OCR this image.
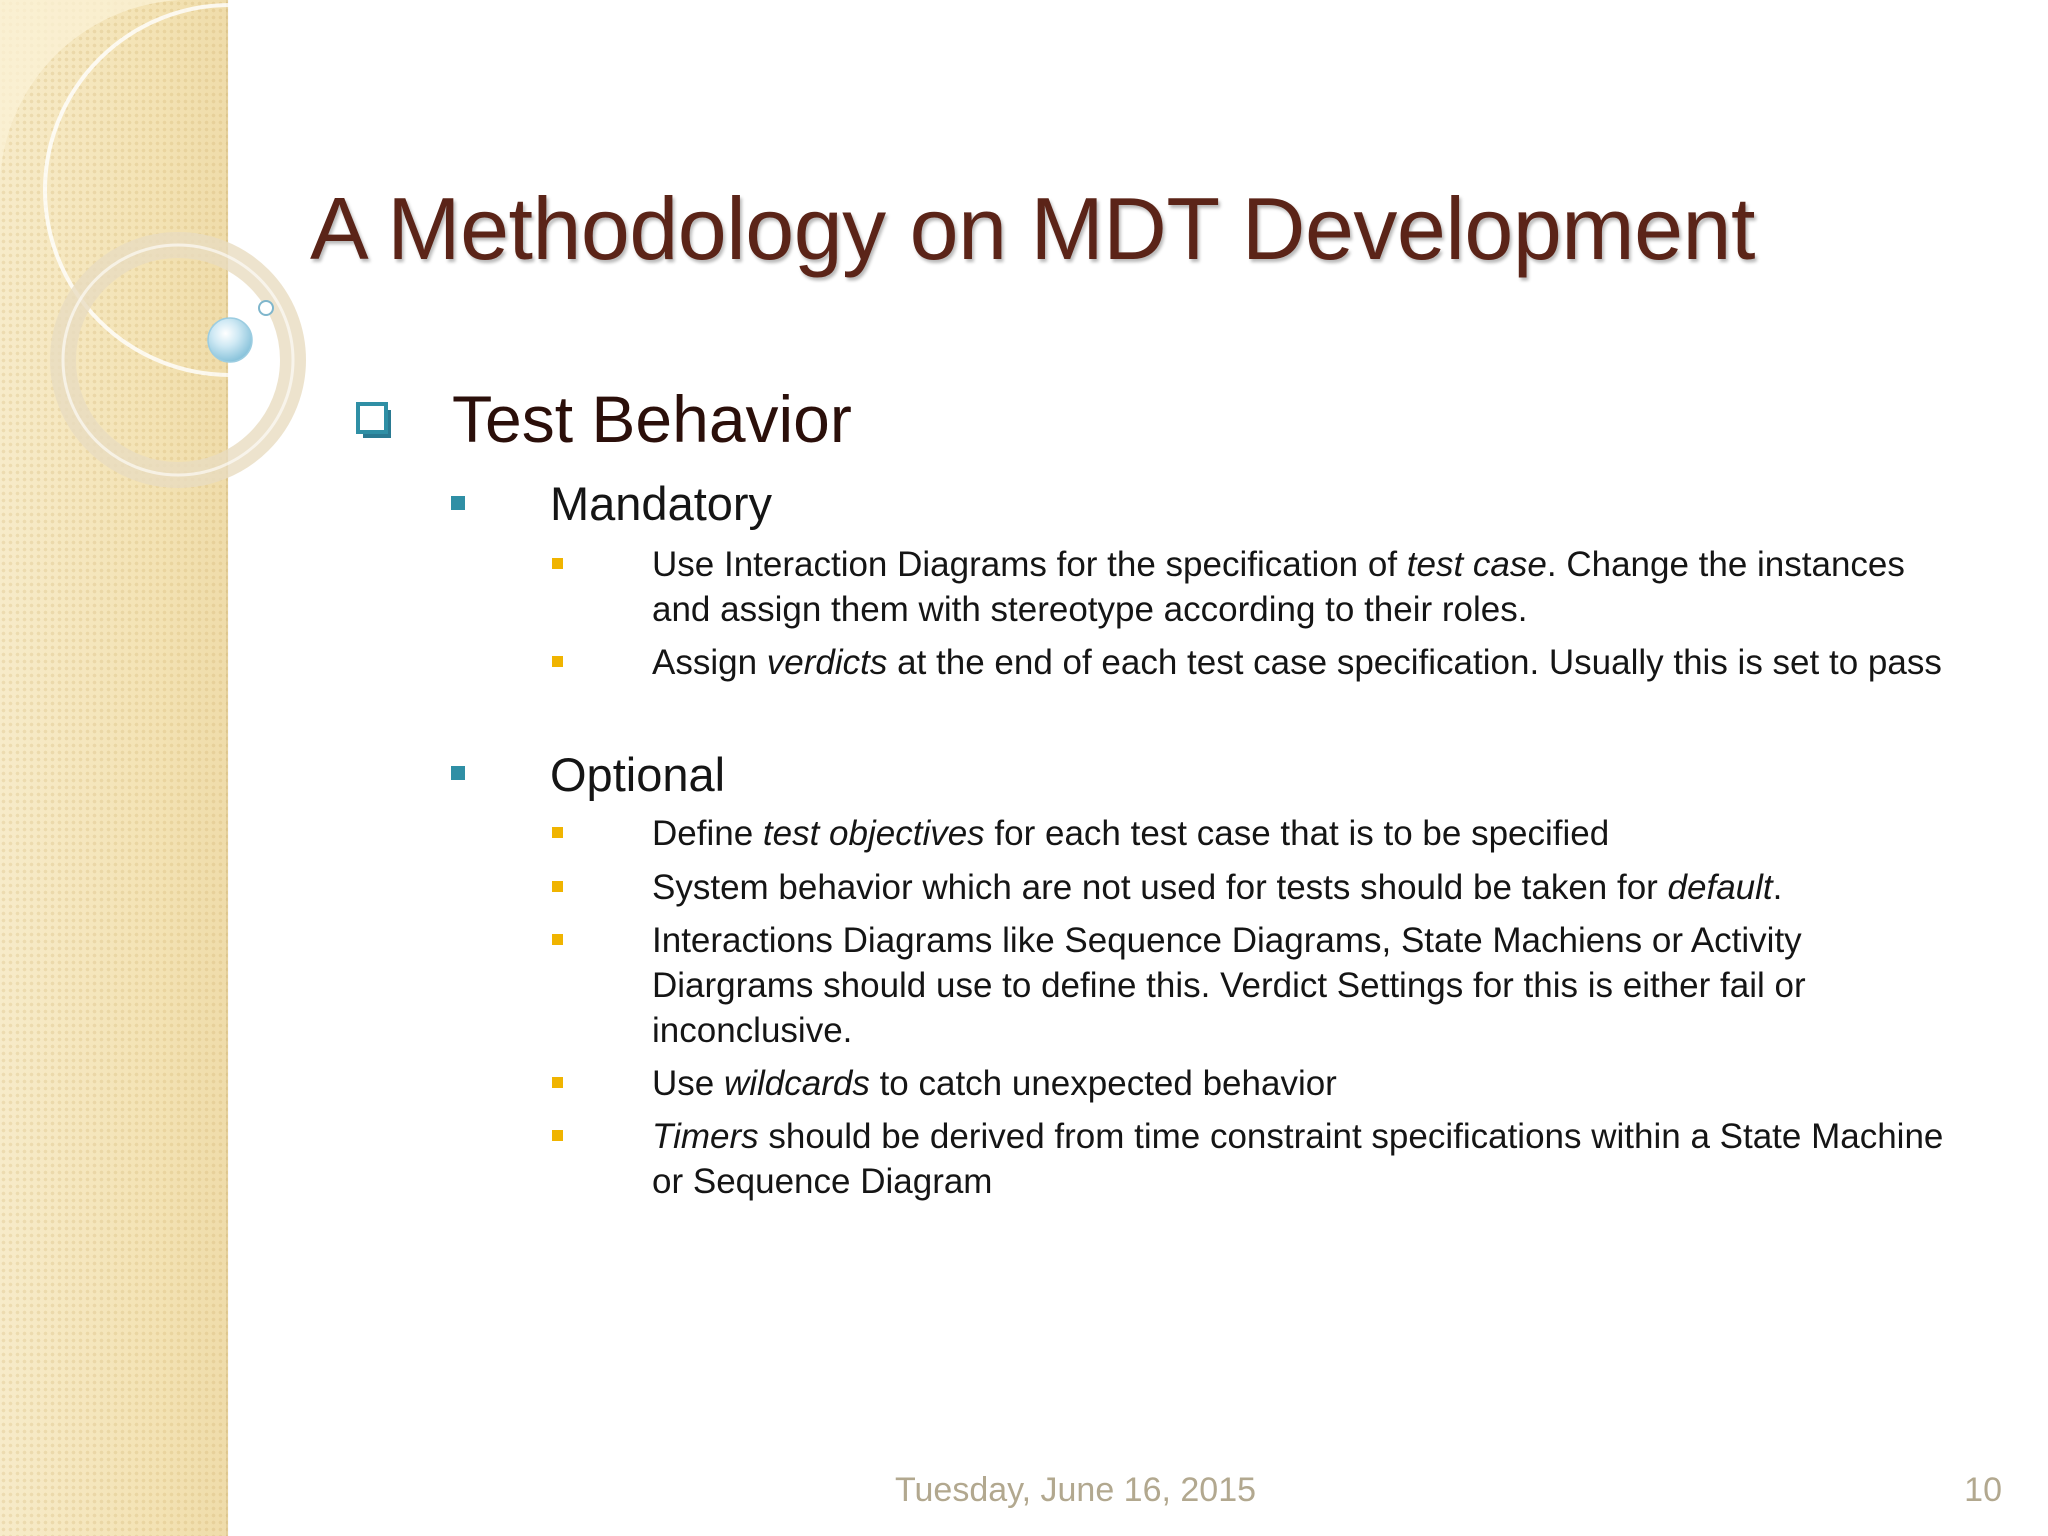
A Methodology on MDT Development
Test Behavior
Mandatory
Use Interaction Diagrams for the specification of test case. Change the instances and assign them with stereotype according to their roles.
Assign verdicts at the end of each test case specification. Usually this is set to pass
Optional
Define test objectives for each test case that is to be specified
System behavior which are not used for tests should be taken for default.
Interactions Diagrams like Sequence Diagrams, State Machiens or Activity Diargrams should use to define this. Verdict Settings for this is either fail or inconclusive.
Use wildcards to catch unexpected behavior
Timers should be derived from time constraint specifications within a State Machine or Sequence Diagram
Tuesday, June 16, 2015	10
